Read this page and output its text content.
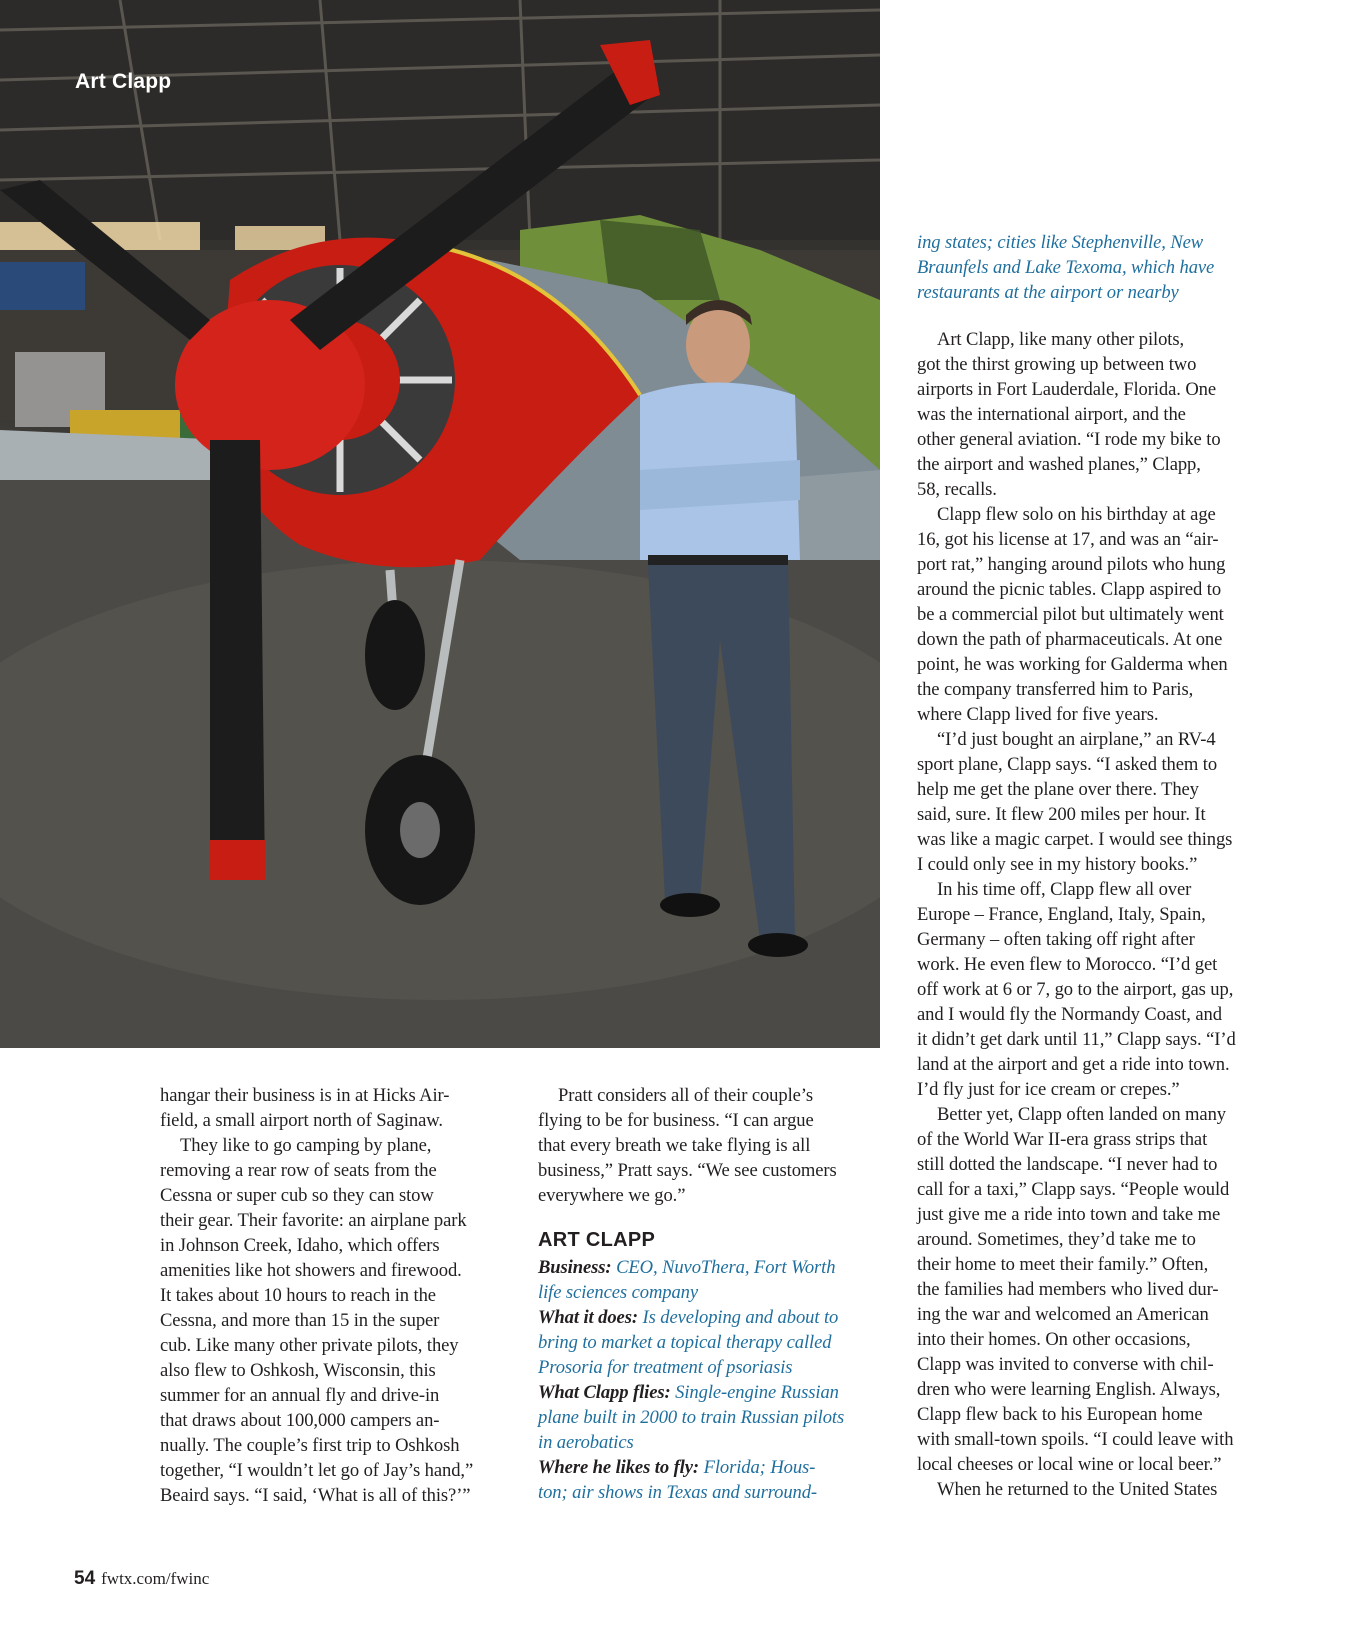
Art Clapp

ing states; cities like Stephenville, New

Braunfels and Lake Texoma, which have

restaurants at the airport or nearby

Art Clapp, like many other pilots,

got the thirst growing up between two

airports in Fort Lauderdale, Florida. One

was the international airport, and the

other general aviation. “I rode my bike to

the airport and washed planes,” Clapp,

58, recalls.

Clapp flew solo on his birthday at age

16, got his license at 17, and was an “air-

port rat,” hanging around pilots who hung

around the picnic tables. Clapp aspired to

be a commercial pilot but ultimately went

down the path of pharmaceuticals. At one

point, he was working for Galderma when

the company transferred him to Paris,

where Clapp lived for five years.

“I’d just bought an airplane,” an RV-4

sport plane, Clapp says. “I asked them to

help me get the plane over there. They

said, sure. It flew 200 miles per hour. It

was like a magic carpet. I would see things

I could only see in my history books.”

In his time off, Clapp flew all over

Europe – France, England, Italy, Spain,

Germany – often taking off right after

work. He even flew to Morocco. “I’d get

off work at 6 or 7, go to the airport, gas up,

and I would fly the Normandy Coast, and

it didn’t get dark until 11,” Clapp says. “I’d

land at the airport and get a ride into town.

I’d fly just for ice cream or crepes.”

Better yet, Clapp often landed on many

of the World War II-era grass strips that

still dotted the landscape. “I never had to

call for a taxi,” Clapp says. “People would

just give me a ride into town and take me

around. Sometimes, they’d take me to

their home to meet their family.” Often,

the families had members who lived dur-

ing the war and welcomed an American

into their homes. On other occasions,

Clapp was invited to converse with chil-

dren who were learning English. Always,

Clapp flew back to his European home

with small-town spoils. “I could leave with

local cheeses or local wine or local beer.”

When he returned to the United States

hangar their business is in at Hicks Air-

field, a small airport north of Saginaw.

They like to go camping by plane,

removing a rear row of seats from the

Cessna or super cub so they can stow

their gear. Their favorite: an airplane park

in Johnson Creek, Idaho, which offers

amenities like hot showers and firewood.

It takes about 10 hours to reach in the

Cessna, and more than 15 in the super

cub. Like many other private pilots, they

also flew to Oshkosh, Wisconsin, this

summer for an annual fly and drive-in

that draws about 100,000 campers an-

nually. The couple’s first trip to Oshkosh

together, “I wouldn’t let go of Jay’s hand,”

Beaird says. “I said, ‘What is all of this?’”

Pratt considers all of their couple’s

flying to be for business. “I can argue

that every breath we take flying is all

business,” Pratt says. “We see customers

everywhere we go.”

ART CLAPP

Business: CEO, NuvoThera, Fort Worth

life sciences company

What it does: Is developing and about to

bring to market a topical therapy called

Prosoria for treatment of psoriasis

What Clapp flies: Single-engine Russian

plane built in 2000 to train Russian pilots

in aerobatics

Where he likes to fly: Florida; Hous-

ton; air shows in Texas and surround-

54 fwtx.com/fwinc
